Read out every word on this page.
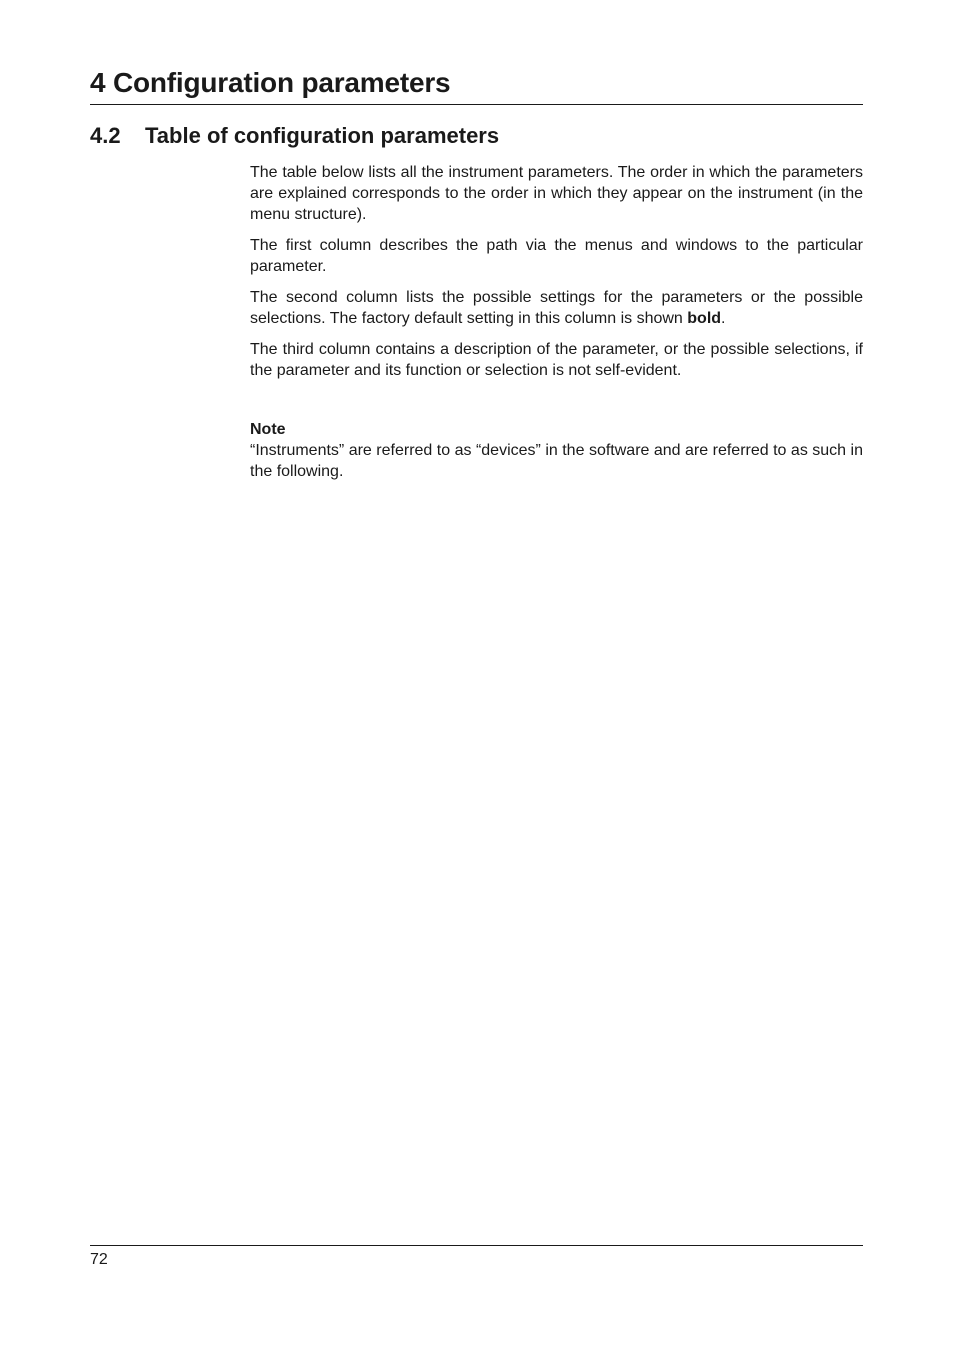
4 Configuration parameters
4.2 Table of configuration parameters

The table below lists all the instrument parameters. The order in which the parameters are explained corresponds to the order in which they appear on the instrument (in the menu structure).

The first column describes the path via the menus and windows to the particular parameter.

The second column lists the possible settings for the parameters or the possible selections. The factory default setting in this column is shown bold.

The third column contains a description of the parameter, or the possible selections, if the parameter and its function or selection is not self-evident.

Note

“Instruments” are referred to as “devices” in the software and are referred to as such in the following.

72
